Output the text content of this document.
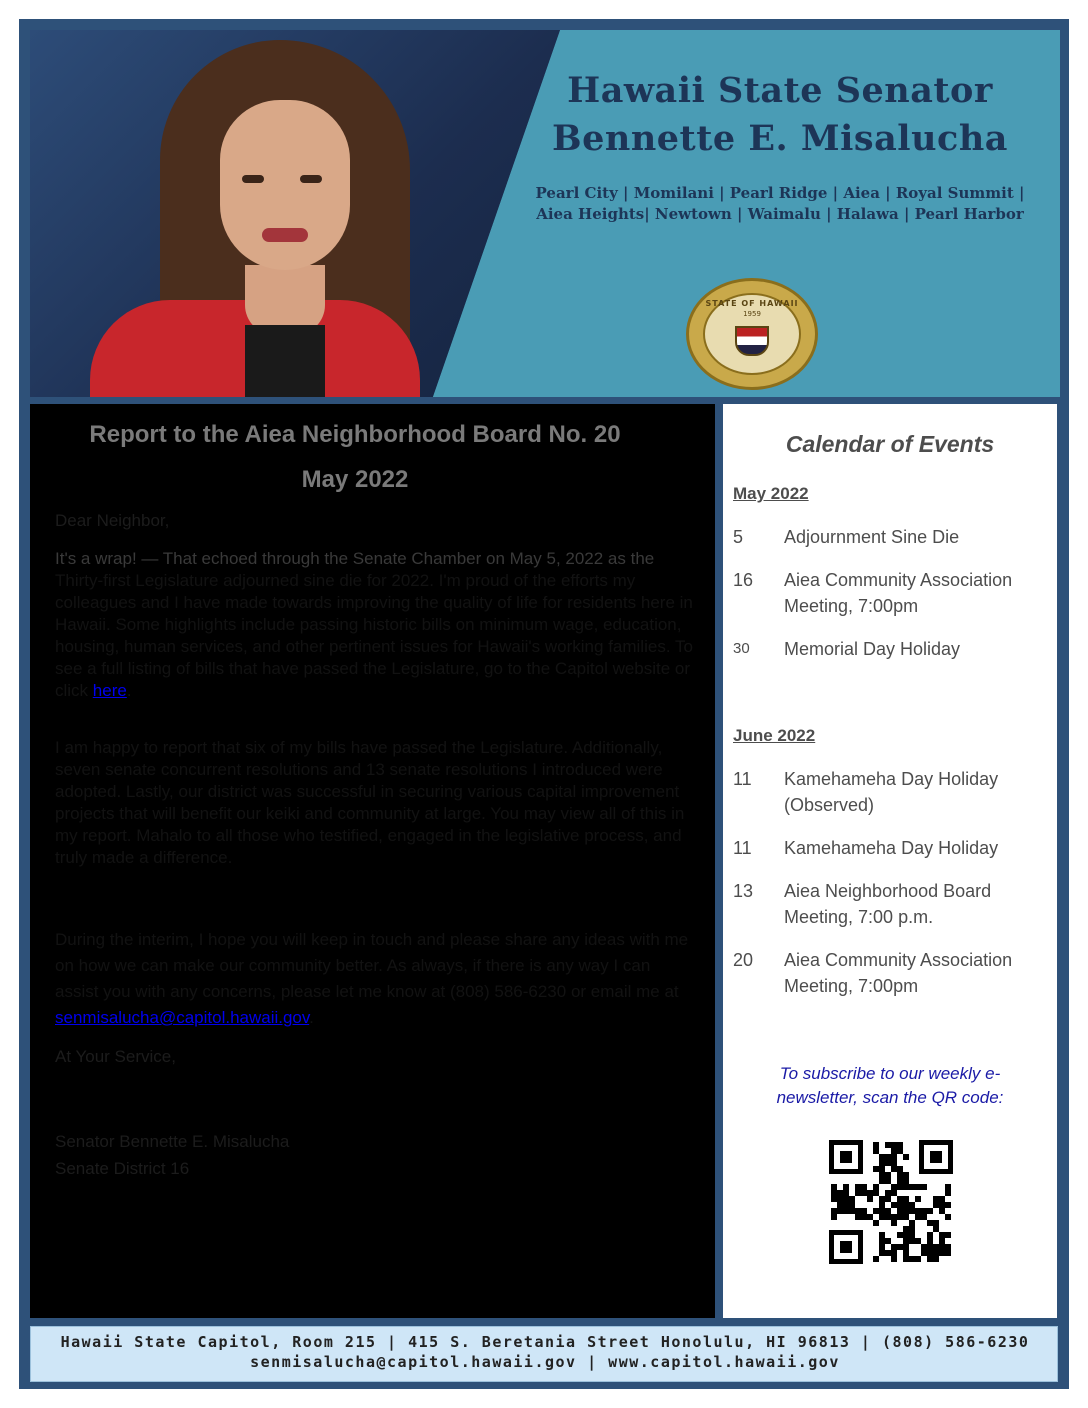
Hawaii State Senator
Bennette E. Misalucha
Pearl City | Momilani | Pearl Ridge | Aiea | Royal Summit |
Aiea Heights| Newtown | Waimalu | Halawa | Pearl Harbor
STATE OF HAWAII
1959
Report to the Aiea Neighborhood Board No. 20
May 2022
Dear Neighbor,
It's a wrap! — That echoed through the Senate Chamber on May 5, 2022 as the Thirty-first Legislature adjourned sine die for 2022. I'm proud of the efforts my colleagues and I have made towards improving the quality of life for residents here in Hawaii. Some highlights include passing historic bills on minimum wage, education, housing, human services, and other pertinent issues for Hawaii's working families. To see a full listing of bills that have passed the Legislature, go to the Capitol website or click here.
I am happy to report that six of my bills have passed the Legislature. Additionally, seven senate concurrent resolutions and 13 senate resolutions I introduced were adopted. Lastly, our district was successful in securing various capital improvement projects that will benefit our keiki and community at large. You may view all of this in my report. Mahalo to all those who testified, engaged in the legislative process, and truly made a difference.
During the interim, I hope you will keep in touch and please share any ideas with me on how we can make our community better. As always, if there is any way I can assist you with any concerns, please let me know at (808) 586-6230 or email me at senmisalucha@capitol.hawaii.gov.
At Your Service,
Senator Bennette E. Misalucha
Senate District 16
Calendar of Events
May 2022
5	Adjournment Sine Die
16	Aiea Community Association Meeting, 7:00pm
30	Memorial Day Holiday
June 2022
11	Kamehameha Day Holiday (Observed)
11	Kamehameha Day Holiday
13	Aiea Neighborhood Board Meeting, 7:00 p.m.
20	Aiea Community Association Meeting, 7:00pm
To subscribe to our weekly e-newsletter, scan the QR code:
Hawaii State Capitol, Room 215 | 415 S. Beretania Street Honolulu, HI 96813 | (808) 586-6230
senmisalucha@capitol.hawaii.gov | www.capitol.hawaii.gov
